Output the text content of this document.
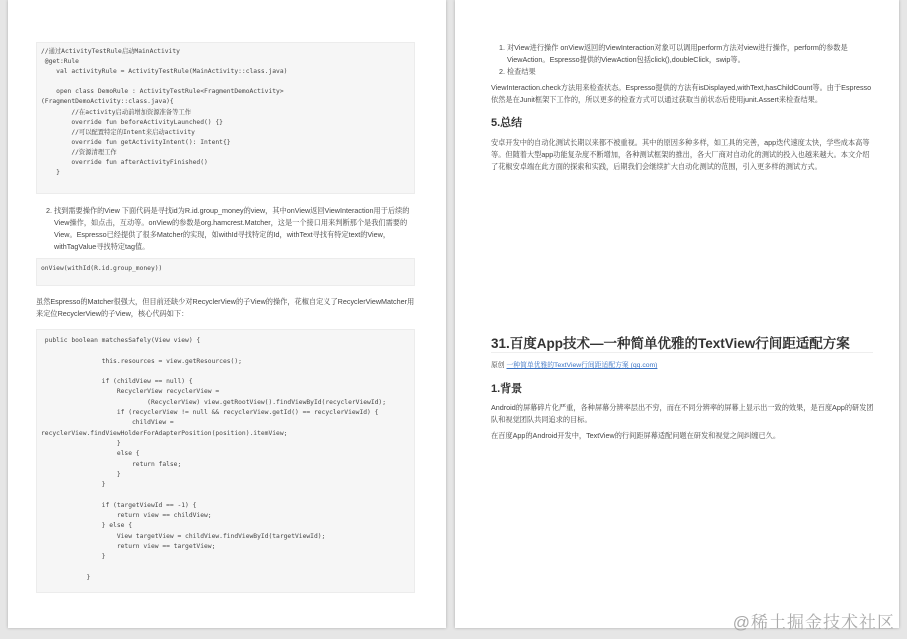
//通过ActivityTestRule启动MainActivity
@get:Rule
val activityRule = ActivityTestRule(MainActivity::class.java)

open class DemoRule : ActivityTestRule<FragmentDemoActivity>
(FragmentDemoActivity::class.java){
//在activity启动前增加资源准备等工作
override fun beforeActivityLaunched() {}
//可以配置特定的Intent来启动activity
override fun getActivityIntent(): Intent{}
//资源清理工作
override fun afterActivityFinished()
}
2. 找到需要操作的View 下面代码是寻找id为R.id.group_money的view，其中onView返回ViewInteraction用于后续的View操作，如点击，互动等。onView的参数是org.hamcrest.Matcher，这是一个接口用来判断那个是我们需要的View。Espresso已经提供了很多Matcher的实现，如withId寻找特定的Id，withText寻找有特定text的View，withTagValue寻找特定tag值。
onView(withId(R.id.group_money))
虽然Espresso的Matcher很强大，但目前还缺少对RecyclerView的子View的操作，花椒自定义了RecyclerViewMatcher用来定位RecyclerView的子View，核心代码如下：
public boolean matchesSafely(View view) {

this.resources = view.getResources();

if (childView == null) {
RecyclerView recyclerView =
(RecyclerView) view.getRootView().findViewById(recyclerViewId);
if (recyclerView != null && recyclerView.getId() == recyclerViewId) {
childView =
recyclerView.findViewHolderForAdapterPosition(position).itemView;
}
else {
return false;
}
}

if (targetViewId == -1) {
return view == childView;
} else {
View targetView = childView.findViewById(targetViewId);
return view == targetView;
}

}
1. 对View进行操作 onView返回的ViewInteraction对象可以调用perform方法对view进行操作，perform的参数是ViewAction。Espresso提供的ViewAction包括click(),doubleClick，swip等。
2. 检查结果
ViewInteraction.check方法用来检查状态。Espresso提供的方法有isDisplayed,withText,hasChildCount等。由于Espresso依然是在Junit框架下工作的，所以更多的检查方式可以通过获取当前状态后使用junit.Assert来检查结果。
5.总结
安卓开发中的自动化测试长期以来都不被重视。其中的原因多种多样，如工具的完善，app迭代速度太快，学些成本高等等。但随着大型app功能复杂度不断增加，各种测试框架的推出，各大厂商对自动化的测试的投入也越来越大。本文介绍了花椒安卓端在此方面的探索和实践，后期我们会继续扩大自动化测试的范围，引入更多样的测试方式。
31.百度App技术—一种简单优雅的TextView行间距适配方案
原创 一种简单优雅的TextView行间距适配方案 (qq.com)
1.背景
Android的屏幕碎片化严重，各种屏幕分辨率层出不穷，而在不同分辨率的屏幕上显示出一致的效果，是百度App的研发团队和视觉团队共同追求的目标。
在百度App的Android开发中，TextView的行间距屏幕适配问题在研发和视觉之间纠缠已久。
@稀土掘金技术社区
